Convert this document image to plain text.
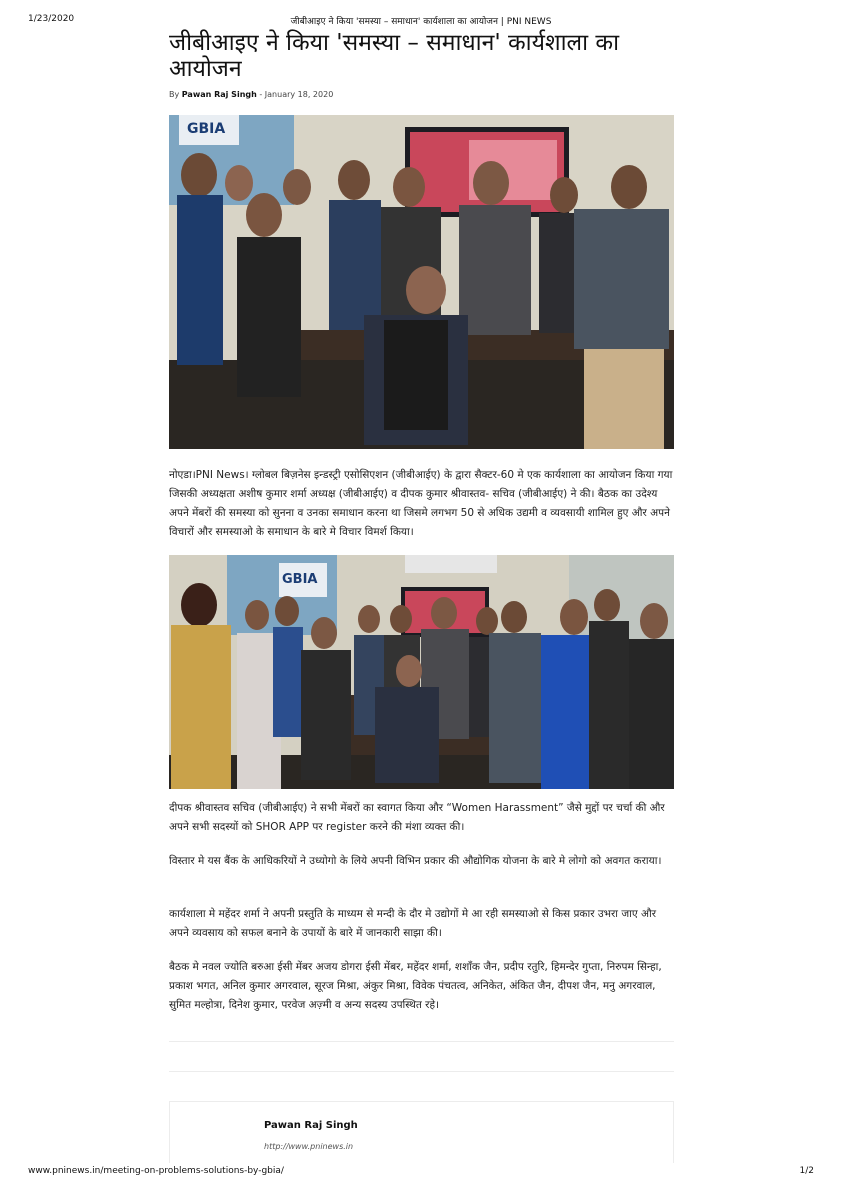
1/23/2020	जीबीआइए ने किया 'समस्या – समाधान' कार्यशाला का आयोजन | PNI NEWS
जीबीआइए ने किया 'समस्या – समाधान' कार्यशाला का आयोजन
By Pawan Raj Singh - January 18, 2020
GBIA
नोएडा।PNI News। ग्लोबल बिज़नेस इन्डस्ट्री एसोसिएशन (जीबीआईए) के द्वारा सैक्टर-60 मे एक कार्यशाला का आयोजन किया गया जिसकी अध्यक्षता अशीष कुमार शर्मा अध्यक्ष (जीबीआईए) व दीपक कुमार श्रीवास्तव- सचिव (जीबीआईए) ने की। बैठक का उदेश्य अपने मेंबरों की समस्या को सुनना व उनका समाधान करना था जिसमे लगभग 50 से अधिक उद्यमी व व्यवसायी शामिल हुए और अपने विचारों और समस्याओ के समाधान के बारे मे विचार विमर्श किया।
GBIA
दीपक श्रीवास्तव सचिव (जीबीआईए) ने सभी मेंबरों का स्वागत किया और “Women Harassment” जैसे मुद्दों पर चर्चा की और अपने सभी सदस्यों को SHOR APP पर register करने की मंशा व्यक्त की।
विस्तार मे यस बैंक के आधिकरियों ने उध्योगो के लिये अपनी विभिन प्रकार की औद्योगिक योजना के बारे मे लोगो को अवगत कराया।
कार्यशाला मे महेंदर शर्मा ने अपनी प्रस्तुति के माध्यम से मन्दी के दौर मे उद्योगों मे आ रही समस्याओ से किस प्रकार उभरा जाए और अपने व्यवसाय को सफल बनाने के उपायों के बारे में जानकारी साझा की।
बैठक मे नवल ज्योति बरुआ ईसी मेंबर अजय डोगरा ईसी मेंबर, महेंदर शर्मा, शशाँक जैन, प्रदीप रतुरि, हिमन्देर गुप्ता, निरुपम सिन्हा, प्रकाश भगत, अनिल कुमार अगरवाल, सूरज मिश्रा, अंकुर मिश्रा, विवेक पंचतत्व, अनिकेत, अंकित जैन, दीपश जैन, मनु अगरवाल, सुमित मल्होत्रा, दिनेश कुमार, परवेज अज़्मी व अन्य सदस्य उपस्थित रहे।
Pawan Raj Singh
http://www.pninews.in
www.pninews.in/meeting-on-problems-solutions-by-gbia/	1/2
